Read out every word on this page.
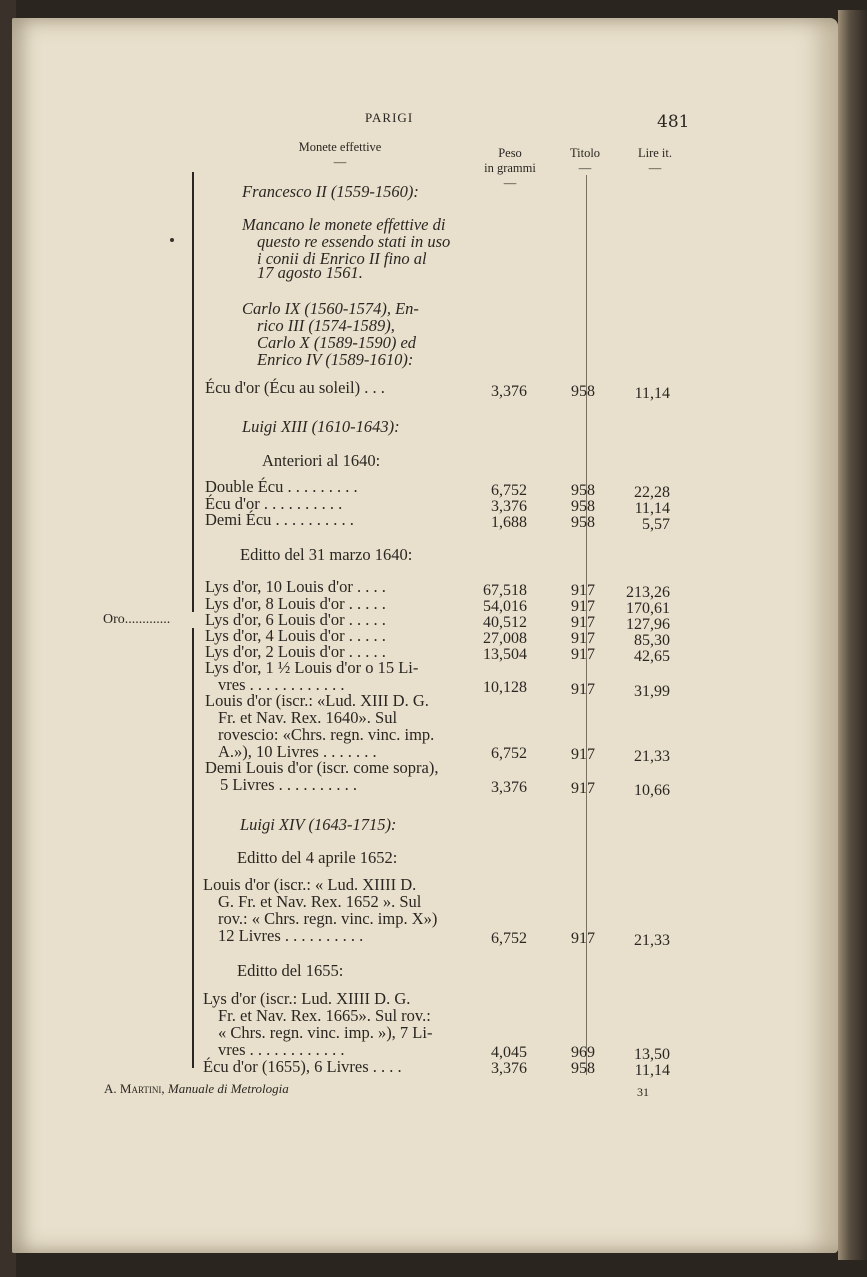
PARIGI	481
Monete effettive
—
Peso
in grammi
—
Titolo
—
Lire it.
—
Oro.............
Francesco II (1559-1560):
Mancano le monete effettive di
questo re essendo stati in uso
i conii di Enrico II fino al
17 agosto 1561.
Carlo IX (1560-1574), En-
rico III (1574-1589),
Carlo X (1589-1590) ed
Enrico IV (1589-1610):
Écu d'or (Écu au soleil) . . .	3,376	958	11,14
Luigi XIII (1610-1643):
Anteriori al 1640:
Double Écu . . . . . . . . .	6,752	958	22,28
Écu d'or . . . . . . . . . .	3,376	958	11,14
Demi Écu . . . . . . . . . .	1,688	958	5,57
Editto del 31 marzo 1640:
Lys d'or, 10 Louis d'or . . . .	67,518	917	213,26
Lys d'or, 8 Louis d'or . . . . .	54,016	917	170,61
Lys d'or, 6 Louis d'or . . . . .	40,512	917	127,96
Lys d'or, 4 Louis d'or . . . . .	27,008	917	85,30
Lys d'or, 2 Louis d'or . . . . .	13,504	917	42,65
Lys d'or, 1 ½ Louis d'or o 15 Li-
vres . . . . . . . . . . . .	10,128	917	31,99
Louis d'or (iscr.: «Lud. XIII D. G.
Fr. et Nav. Rex. 1640». Sul
rovescio: «Chrs. regn. vinc. imp.
A.»), 10 Livres . . . . . . .	6,752	917	21,33
Demi Louis d'or (iscr. come sopra),
5 Livres . . . . . . . . . .	3,376	917	10,66
Luigi XIV (1643-1715):
Editto del 4 aprile 1652:
Louis d'or (iscr.: « Lud. XIIII D.
G. Fr. et Nav. Rex. 1652 ». Sul
rov.: « Chrs. regn. vinc. imp. X»)
12 Livres . . . . . . . . . .	6,752	917	21,33
Editto del 1655:
Lys d'or (iscr.: Lud. XIIII D. G.
Fr. et Nav. Rex. 1665». Sul rov.:
« Chrs. regn. vinc. imp. »), 7 Li-
vres . . . . . . . . . . . .	4,045	969	13,50
Écu d'or (1655), 6 Livres . . . .	3,376	958	11,14
A. Martini, Manuale di Metrologia	31
